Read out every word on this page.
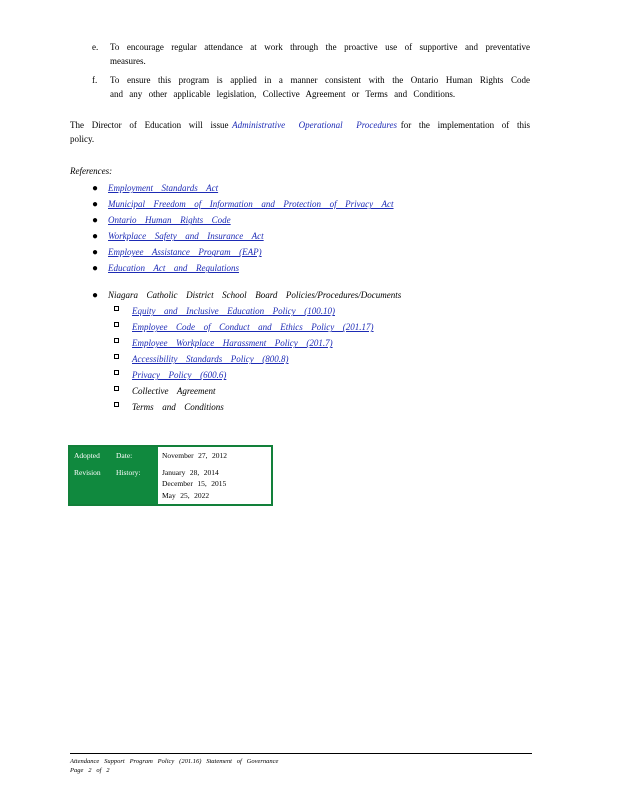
e. To encourage regular attendance at work through the proactive use of supportive and preventative measures.
f. To ensure this program is applied in a manner consistent with the Ontario Human Rights Code and any other applicable legislation, Collective Agreement or Terms and Conditions.

The Director of Education will issue Administrative Operational Procedures for the implementation of this policy.

References:
● Employment Standards Act
● Municipal Freedom of Information and Protection of Privacy Act
● Ontario Human Rights Code
● Workplace Safety and Insurance Act
● Employee Assistance Program (EAP)
● Education Act and Regulations
● Niagara Catholic District School Board Policies/Procedures/Documents
Equity and Inclusive Education Policy (100.10)
Employee Code of Conduct and Ethics Policy (201.17)
Employee Workplace Harassment Policy (201.7)
Accessibility Standards Policy (800.8)
Privacy Policy (600.6)
Collective Agreement
Terms and Conditions
Adopted	Date:	November 27, 2012
Revision	History:	January 28, 2014
December 15, 2015
May 25, 2022
Attendance Support Program Policy (201.16) Statement of Governance
Page 2 of 2
